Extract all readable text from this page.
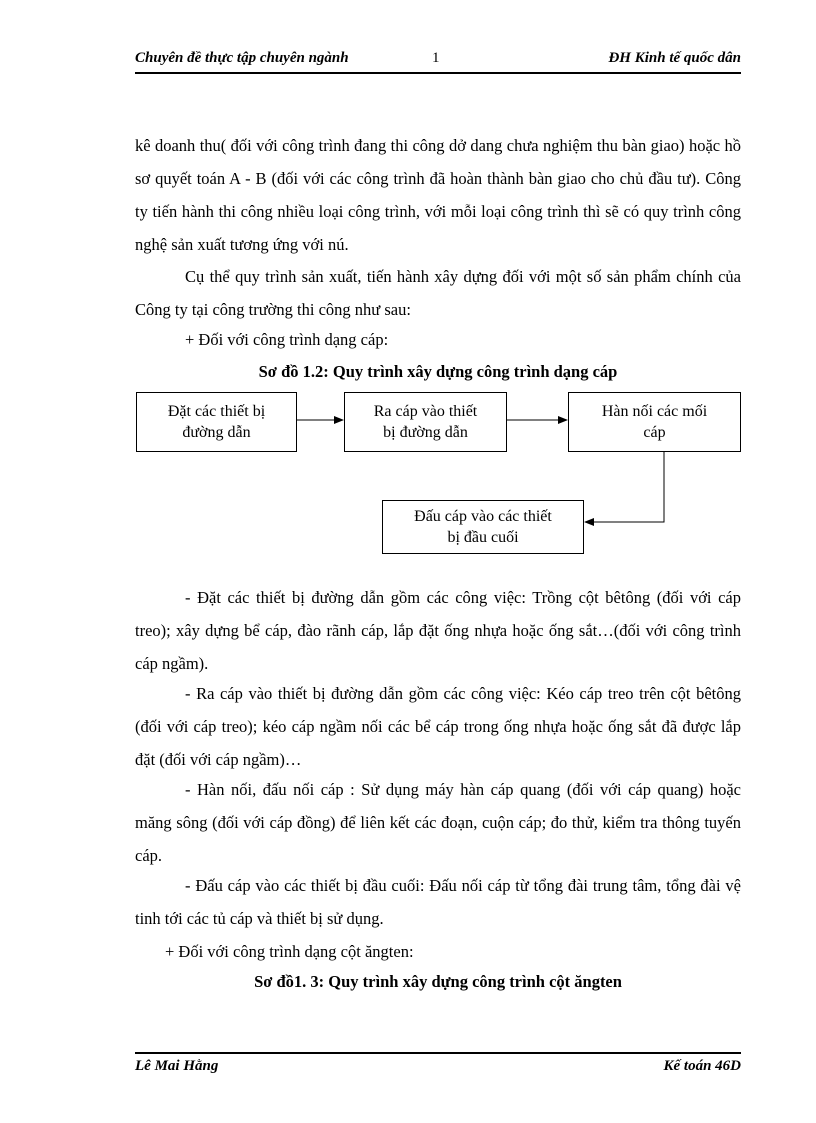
Chuyên đề thực tập chuyên ngành	1	ĐH Kinh tế quốc dân

kê doanh thu( đối với công trình đang thi công dở dang chưa nghiệm thu bàn giao) hoặc hồ sơ quyết toán A - B (đối với các công trình đã hoàn thành bàn giao cho chủ đầu tư). Công ty tiến hành thi công nhiều loại công trình, với mỗi loại công trình thì sẽ có quy trình công nghệ sản xuất tương ứng với nú.

Cụ thể quy trình sản xuất, tiến hành xây dựng đối với một số sản phẩm chính của Công ty tại công trường thi công như sau:

+ Đối với công trình dạng cáp:

Sơ đồ 1.2: Quy trình xây dựng công trình dạng cáp

Đặt các thiết bị
đường dẫn
Ra cáp vào thiết
bị đường dẫn
Hàn nối các mối
cáp
Đấu cáp vào các thiết
bị đầu cuối

- Đặt các thiết bị đường dẫn gồm các công việc: Trồng cột bêtông (đối với cáp treo); xây dựng bể cáp, đào rãnh cáp, lắp đặt ống nhựa hoặc ống sắt…(đối với công trình cáp ngầm).

- Ra cáp vào thiết bị đường dẫn gồm các công việc: Kéo cáp treo trên cột bêtông (đối với cáp treo); kéo cáp ngầm nối các bể cáp trong ống nhựa hoặc ống sắt đã được lắp đặt (đối với cáp ngầm)…

- Hàn nối, đấu nối cáp : Sử dụng máy hàn cáp quang (đối với cáp quang) hoặc măng sông (đối với cáp đồng) để liên kết các đoạn, cuộn cáp; đo thử, kiểm tra thông tuyến cáp.

- Đấu cáp vào các thiết bị đầu cuối: Đấu nối cáp từ tổng đài trung tâm, tổng đài vệ tinh tới các tủ cáp và thiết bị sử dụng.

+ Đối với công trình dạng cột ăngten:

Sơ đồ1. 3: Quy trình xây dựng công trình cột ăngten

Lê Mai Hằng	Kế toán 46D
